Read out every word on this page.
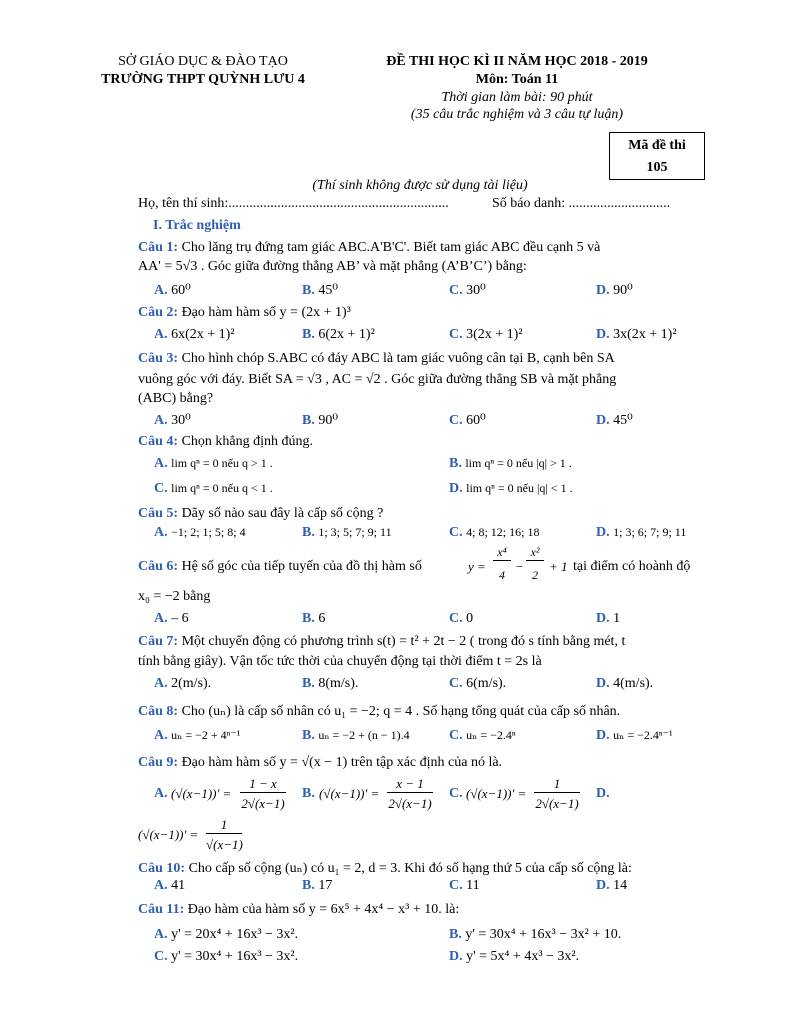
SỞ GIÁO DỤC & ĐÀO TẠO
TRƯỜNG THPT QUỲNH LƯU 4
ĐỀ THI HỌC KÌ II NĂM HỌC 2018 - 2019
Môn: Toán 11
Thời gian làm bài: 90 phút
(35 câu trắc nghiệm và 3 câu tự luận)
Mã đề thi
105
(Thí sinh không được sử dụng tài liệu)
Họ, tên thí sinh:...............................................................	Số báo danh: .............................
I. Trắc nghiệm
Câu 1: Cho lăng trụ đứng tam giác ABC.A'B'C'. Biết tam giác ABC đều cạnh 5 và
AA' = 5√3 . Góc giữa đường thẳng AB’ và mặt phẳng (A’B’C’) bằng:
A. 60⁰	B. 45⁰	C. 30⁰	D. 90⁰
Câu 2: Đạo hàm hàm số y = (2x + 1)³
A. 6x(2x + 1)²	B. 6(2x + 1)²	C. 3(2x + 1)²	D. 3x(2x + 1)²
Câu 3: Cho hình chóp S.ABC có đáy ABC là tam giác vuông cân tại B, cạnh bên SA
vuông góc với đáy. Biết SA = √3 , AC = √2 . Góc giữa đường thẳng SB và mặt phẳng
(ABC) bằng?
A. 30⁰	B. 90⁰	C. 60⁰	D. 45⁰
Câu 4: Chọn khẳng định đúng.
A. lim qⁿ = 0 nếu q > 1 .	B. lim qⁿ = 0 nếu |q| > 1 .
C. lim qⁿ = 0 nếu q < 1 .	D. lim qⁿ = 0 nếu |q| < 1 .
Câu 5: Dãy số nào sau đây là cấp số cộng ?
A. −1; 2; 1; 5; 8; 4	B. 1; 3; 5; 7; 9; 11	C. 4; 8; 12; 16; 18	D. 1; 3; 6; 7; 9; 11
Câu 6: Hệ số góc của tiếp tuyến của đồ thị hàm số	y =
x⁴
4
−
x²
2
+ 1 tại điểm có hoành độ
x₀ = −2 bằng
A. – 6	B. 6	C. 0	D. 1
Câu 7: Một chuyển động có phương trình s(t) = t² + 2t − 2 ( trong đó s tính bằng mét, t
tính bằng giây). Vận tốc tức thời của chuyển động tại thời điểm t = 2s là
A. 2(m/s).	B. 8(m/s).	C. 6(m/s).	D. 4(m/s).
Câu 8: Cho (uₙ) là cấp số nhân có u₁ = −2; q = 4 . Số hạng tổng quát của cấp số nhân.
A. uₙ = −2 + 4ⁿ⁻¹	B. uₙ = −2 + (n − 1).4	C. uₙ = −2.4ⁿ	D. uₙ = −2.4ⁿ⁻¹
Câu 9: Đạo hàm hàm số y = √(x − 1) trên tập xác định của nó là.
A. (√(x−1))' =
1 − x
2√(x−1)
B. (√(x−1))' =
x − 1
2√(x−1)
C. (√(x−1))' =
1
2√(x−1)
D.
(√(x−1))' =
1
√(x−1)
Câu 10: Cho cấp số cộng (uₙ) có u₁ = 2, d = 3. Khi đó số hạng thứ 5 của cấp số cộng là:
A. 41	B. 17	C. 11	D. 14
Câu 11: Đạo hàm của hàm số y = 6x⁵ + 4x⁴ − x³ + 10. là:
A. y' = 20x⁴ + 16x³ − 3x².	B. y' = 30x⁴ + 16x³ − 3x² + 10.
C. y' = 30x⁴ + 16x³ − 3x².	D. y' = 5x⁴ + 4x³ − 3x².
